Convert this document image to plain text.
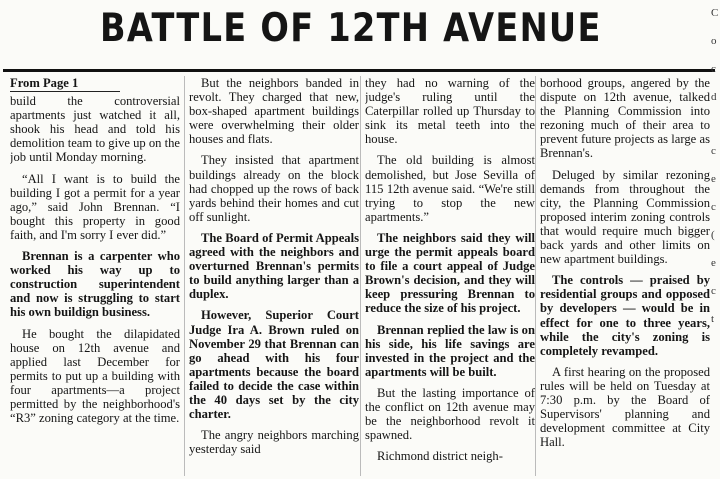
BATTLE OF 12TH AVENUE
From Page 1

build the controversial apartments just watched it all, shook his head and told his demolition team to give up on the job until Monday morning.

“All I want is to build the building I got a permit for a year ago,” said John Brennan. “I bought this property in good faith, and I'm sorry I ever did.”

Brennan is a carpenter who worked his way up to construction superintendent and now is struggling to start his own buildign business.

He bought the dilapidated house on 12th avenue and applied last December for permits to put up a building with four apartments—a project permitted by the neighborhood's “R3” zoning category at the time.

But the neighbors banded in revolt. They charged that new, box-shaped apartment buildings were overwhelming their older houses and flats.

They insisted that apartment buildings already on the block had chopped up the rows of back yards behind their homes and cut off sunlight.

The Board of Permit Appeals agreed with the neighbors and overturned Brennan's permits to build anything larger than a duplex.

However, Superior Court Judge Ira A. Brown ruled on November 29 that Brennan can go ahead with his four apartments because the board failed to decide the case within the 40 days set by the city charter.

The angry neighbors marching yesterday said

they had no warning of the judge's ruling until the Caterpillar rolled up Thursday to sink its metal teeth into the house.

The old building is almost demolished, but Jose Sevilla of 115 12th avenue said. “We're still trying to stop the new apartments.”

The neighbors said they will urge the permit appeals board to file a court appeal of Judge Brown's decision, and they will keep pressuring Brennan to reduce the size of his project.

Brennan replied the law is on his side, his life savings are invested in the project and the apartments will be built.

But the lasting importance of the conflict on 12th avenue may be the neighborhood revolt it spawned.

Richmond district neigh-

borhood groups, angered by the dispute on 12th avenue, talked the Planning Commission into rezoning much of their area to prevent future projects as large as Brennan's.

Deluged by similar rezoning demands from throughout the city, the Planning Commission proposed interim zoning controls that would require much bigger back yards and other limits on new apartment buildings.

The controls — praised by residential groups and opposed by developers — would be in effect for one to three years, while the city's zoning is completely revamped.

A first hearing on the proposed rules will be held on Tuesday at 7:30 p.m. by the Board of Supervisors' planning and development committee at City Hall.

C
o
c
d
c
e
c
(
e
c
t
